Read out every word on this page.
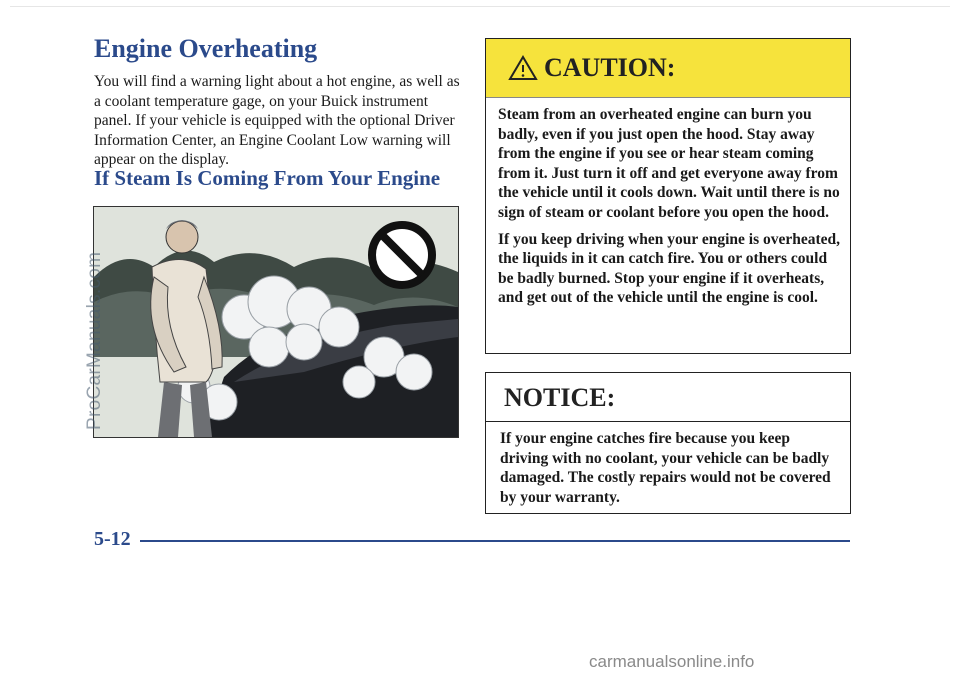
Engine Overheating

You will find a warning light about a hot engine, as well as a coolant temperature gage, on your Buick instrument panel. If your vehicle is equipped with the optional Driver Information Center, an Engine Coolant Low warning will appear on the display.

If Steam Is Coming From Your Engine
ProCarManuals.com
CAUTION:

Steam from an overheated engine can burn you badly, even if you just open the hood. Stay away from the engine if you see or hear steam coming from it. Just turn it off and get everyone away from the vehicle until it cools down. Wait until there is no sign of steam or coolant before you open the hood.

If you keep driving when your engine is overheated, the liquids in it can catch fire. You or others could be badly burned. Stop your engine if it overheats, and get out of the vehicle until the engine is cool.

NOTICE:
If your engine catches fire because you keep driving with no coolant, your vehicle can be badly damaged. The costly repairs would not be covered by your warranty.
5-12
carmanualsonline.info
